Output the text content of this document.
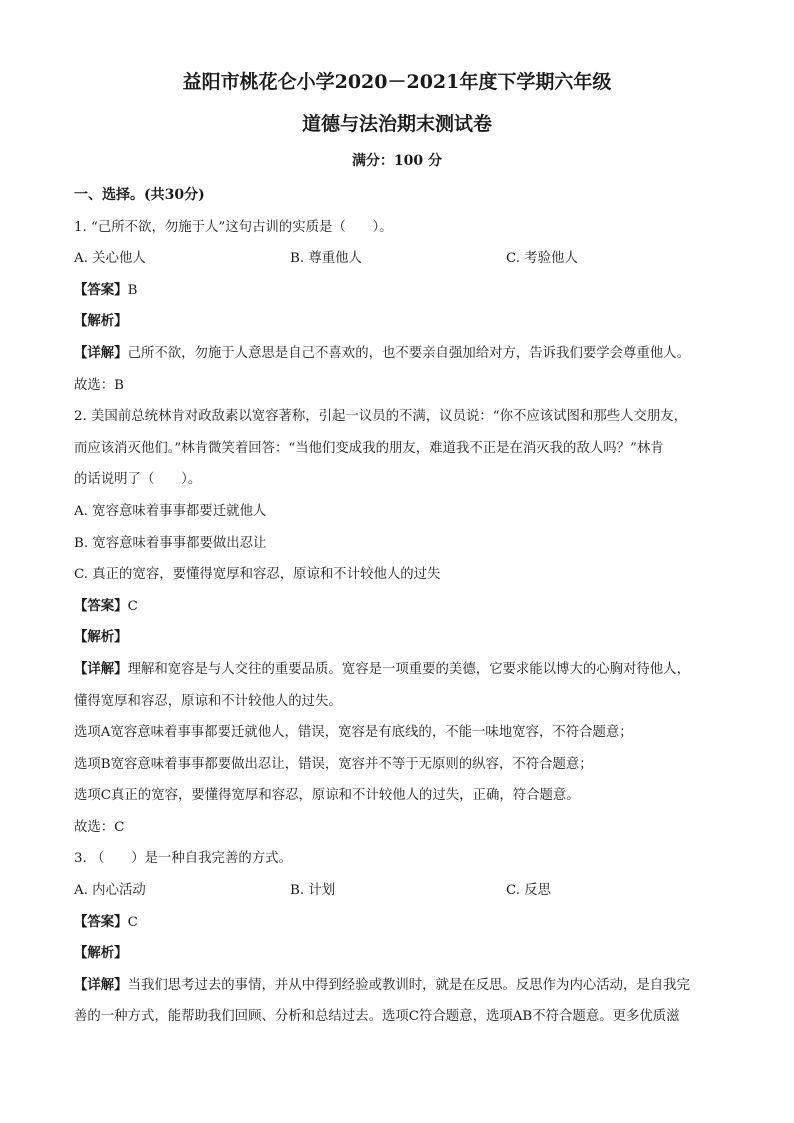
益阳市桃花仑小学2020－2021年度下学期六年级
道德与法治期末测试卷
满分：100 分
一、选择。(共30分)
1. “己所不欲，勿施于人”这句古训的实质是（　　）。
A. 关心他人	B. 尊重他人	C. 考验他人
【答案】B
【解析】
【详解】己所不欲，勿施于人意思是自己不喜欢的，也不要亲自强加给对方，告诉我们要学会尊重他人。
故选：B
2. 美国前总统林肯对政敌素以宽容著称，引起一议员的不满，议员说：“你不应该试图和那些人交朋友，
而应该消灭他们。”林肯微笑着回答：“当他们变成我的朋友，难道我不正是在消灭我的敌人吗？”林肯
的话说明了（　　）。
A. 宽容意味着事事都要迁就他人
B. 宽容意味着事事都要做出忍让
C. 真正的宽容，要懂得宽厚和容忍，原谅和不计较他人的过失
【答案】C
【解析】
【详解】理解和宽容是与人交往的重要品质。宽容是一项重要的美德，它要求能以博大的心胸对待他人，
懂得宽厚和容忍，原谅和不计较他人的过失。
选项A宽容意味着事事都要迁就他人，错误，宽容是有底线的，不能一味地宽容，不符合题意；
选项B宽容意味着事事都要做出忍让，错误，宽容并不等于无原则的纵容，不符合题意；
选项C真正的宽容，要懂得宽厚和容忍，原谅和不计较他人的过失，正确，符合题意。
故选：C
3. （　　）是一种自我完善的方式。
A. 内心活动	B. 计划	C. 反思
【答案】C
【解析】
【详解】当我们思考过去的事情，并从中得到经验或教训时，就是在反思。反思作为内心活动，是自我完
善的一种方式，能帮助我们回顾、分析和总结过去。选项C符合题意，选项AB不符合题意。更多优质滋
